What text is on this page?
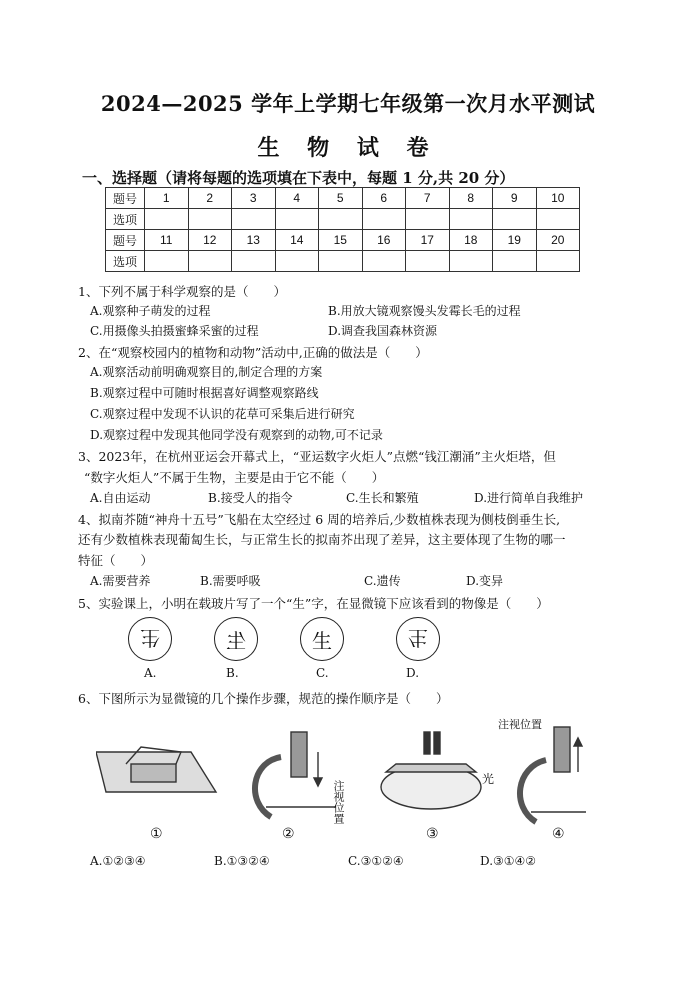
2024—2025 学年上学期七年级第一次月水平测试
生 物 试 卷
一、选择题（请将每题的选项填在下表中，每题 1 分,共 20 分）
题号	1	2	3	4	5	6	7	8	9	10
选项										
题号	11	12	13	14	15	16	17	18	19	20
选项										
1、下列不属于科学观察的是（　　）
A.观察种子萌发的过程	B.用放大镜观察馒头发霉长毛的过程
C.用摄像头拍摄蜜蜂采蜜的过程	D.调查我国森林资源
2、在“观察校园内的植物和动物”活动中,正确的做法是（　　）
A.观察活动前明确观察目的,制定合理的方案
B.观察过程中可随时根据喜好调整观察路线
C.观察过程中发现不认识的花草可采集后进行研究
D.观察过程中发现其他同学没有观察到的动物,可不记录
3、2023年，在杭州亚运会开幕式上，“亚运数字火炬人”点燃“钱江潮涌”主火炬塔，但
“数字火炬人”不属于生物，主要是由于它不能（　　）
A.自由运动	B.接受人的指令	C.生长和繁殖	D.进行简单自我维护
4、拟南芥随“神舟十五号”飞船在太空经过 6 周的培养后,少数植株表现为侧枝倒垂生长,
还有少数植株表现葡匐生长，与正常生长的拟南芥出现了差异，这主要体现了生物的哪一
特征（　　）
A.需要营养	B.需要呼吸	C.遗传	D.变异
5、实验课上，小明在载玻片写了一个“生”字，在显微镜下应该看到的物像是（　　）
生	生	生	生
A.	B.	C.	D.
6、下图所示为显微镜的几个操作步骤，规范的操作顺序是（　　）
注视位置
注视位置
光
①	②	③	④
A.①②③④	B.①③②④	C.③①②④	D.③①④②
